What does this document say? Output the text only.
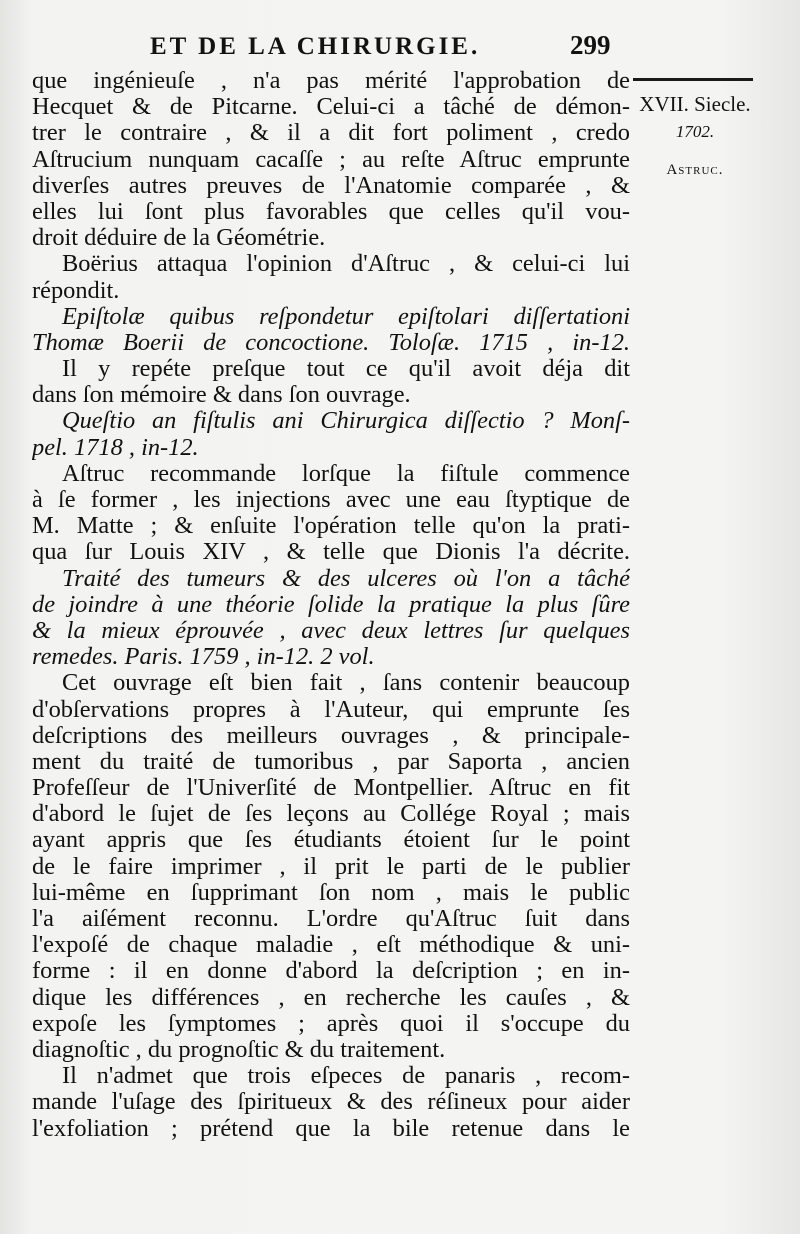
ET DE LA CHIRURGIE.	299
XVII. Siecle.
1702.
Astruc.
que ingénieuſe , n'a pas mérité l'approbation de
Hecquet & de Pitcarne. Celui-ci a tâché de démon-
trer le contraire , & il a dit fort poliment , credo
Aſtrucium nunquam cacaſſe ; au reſte Aſtruc emprunte
diverſes autres preuves de l'Anatomie comparée , &
elles lui ſont plus favorables que celles qu'il vou-
droit déduire de la Géométrie.
Boërius attaqua l'opinion d'Aſtruc , & celui-ci lui
répondit.
Epiſtolæ quibus reſpondetur epiſtolari diſſertationi
Thomæ Boerii de concoctione. Toloſæ. 1715 , in-12.
Il y repéte preſque tout ce qu'il avoit déja dit
dans ſon mémoire & dans ſon ouvrage.
Queſtio an fiſtulis ani Chirurgica diſſectio ? Monſ-
pel. 1718 , in-12.
Aſtruc recommande lorſque la fiſtule commence
à ſe former , les injections avec une eau ſtyptique de
M. Matte ; & enſuite l'opération telle qu'on la prati-
qua ſur Louis XIV , & telle que Dionis l'a décrite.
Traité des tumeurs & des ulceres où l'on a tâché
de joindre à une théorie ſolide la pratique la plus ſûre
& la mieux éprouvée , avec deux lettres ſur quelques
remedes. Paris. 1759 , in-12. 2 vol.
Cet ouvrage eſt bien fait , ſans contenir beaucoup
d'obſervations propres à l'Auteur, qui emprunte ſes
deſcriptions des meilleurs ouvrages , & principale-
ment du traité de tumoribus , par Saporta , ancien
Profeſſeur de l'Univerſité de Montpellier. Aſtruc en fit
d'abord le ſujet de ſes leçons au Collége Royal ; mais
ayant appris que ſes étudiants étoient ſur le point
de le faire imprimer , il prit le parti de le publier
lui-même en ſupprimant ſon nom , mais le public
l'a aiſément reconnu. L'ordre qu'Aſtruc ſuit dans
l'expoſé de chaque maladie , eſt méthodique & uni-
forme : il en donne d'abord la deſcription ; en in-
dique les différences , en recherche les cauſes , &
expoſe les ſymptomes ; après quoi il s'occupe du
diagnoſtic , du prognoſtic & du traitement.
Il n'admet que trois eſpeces de panaris , recom-
mande l'uſage des ſpiritueux & des réſineux pour aider
l'exfoliation ; prétend que la bile retenue dans le
